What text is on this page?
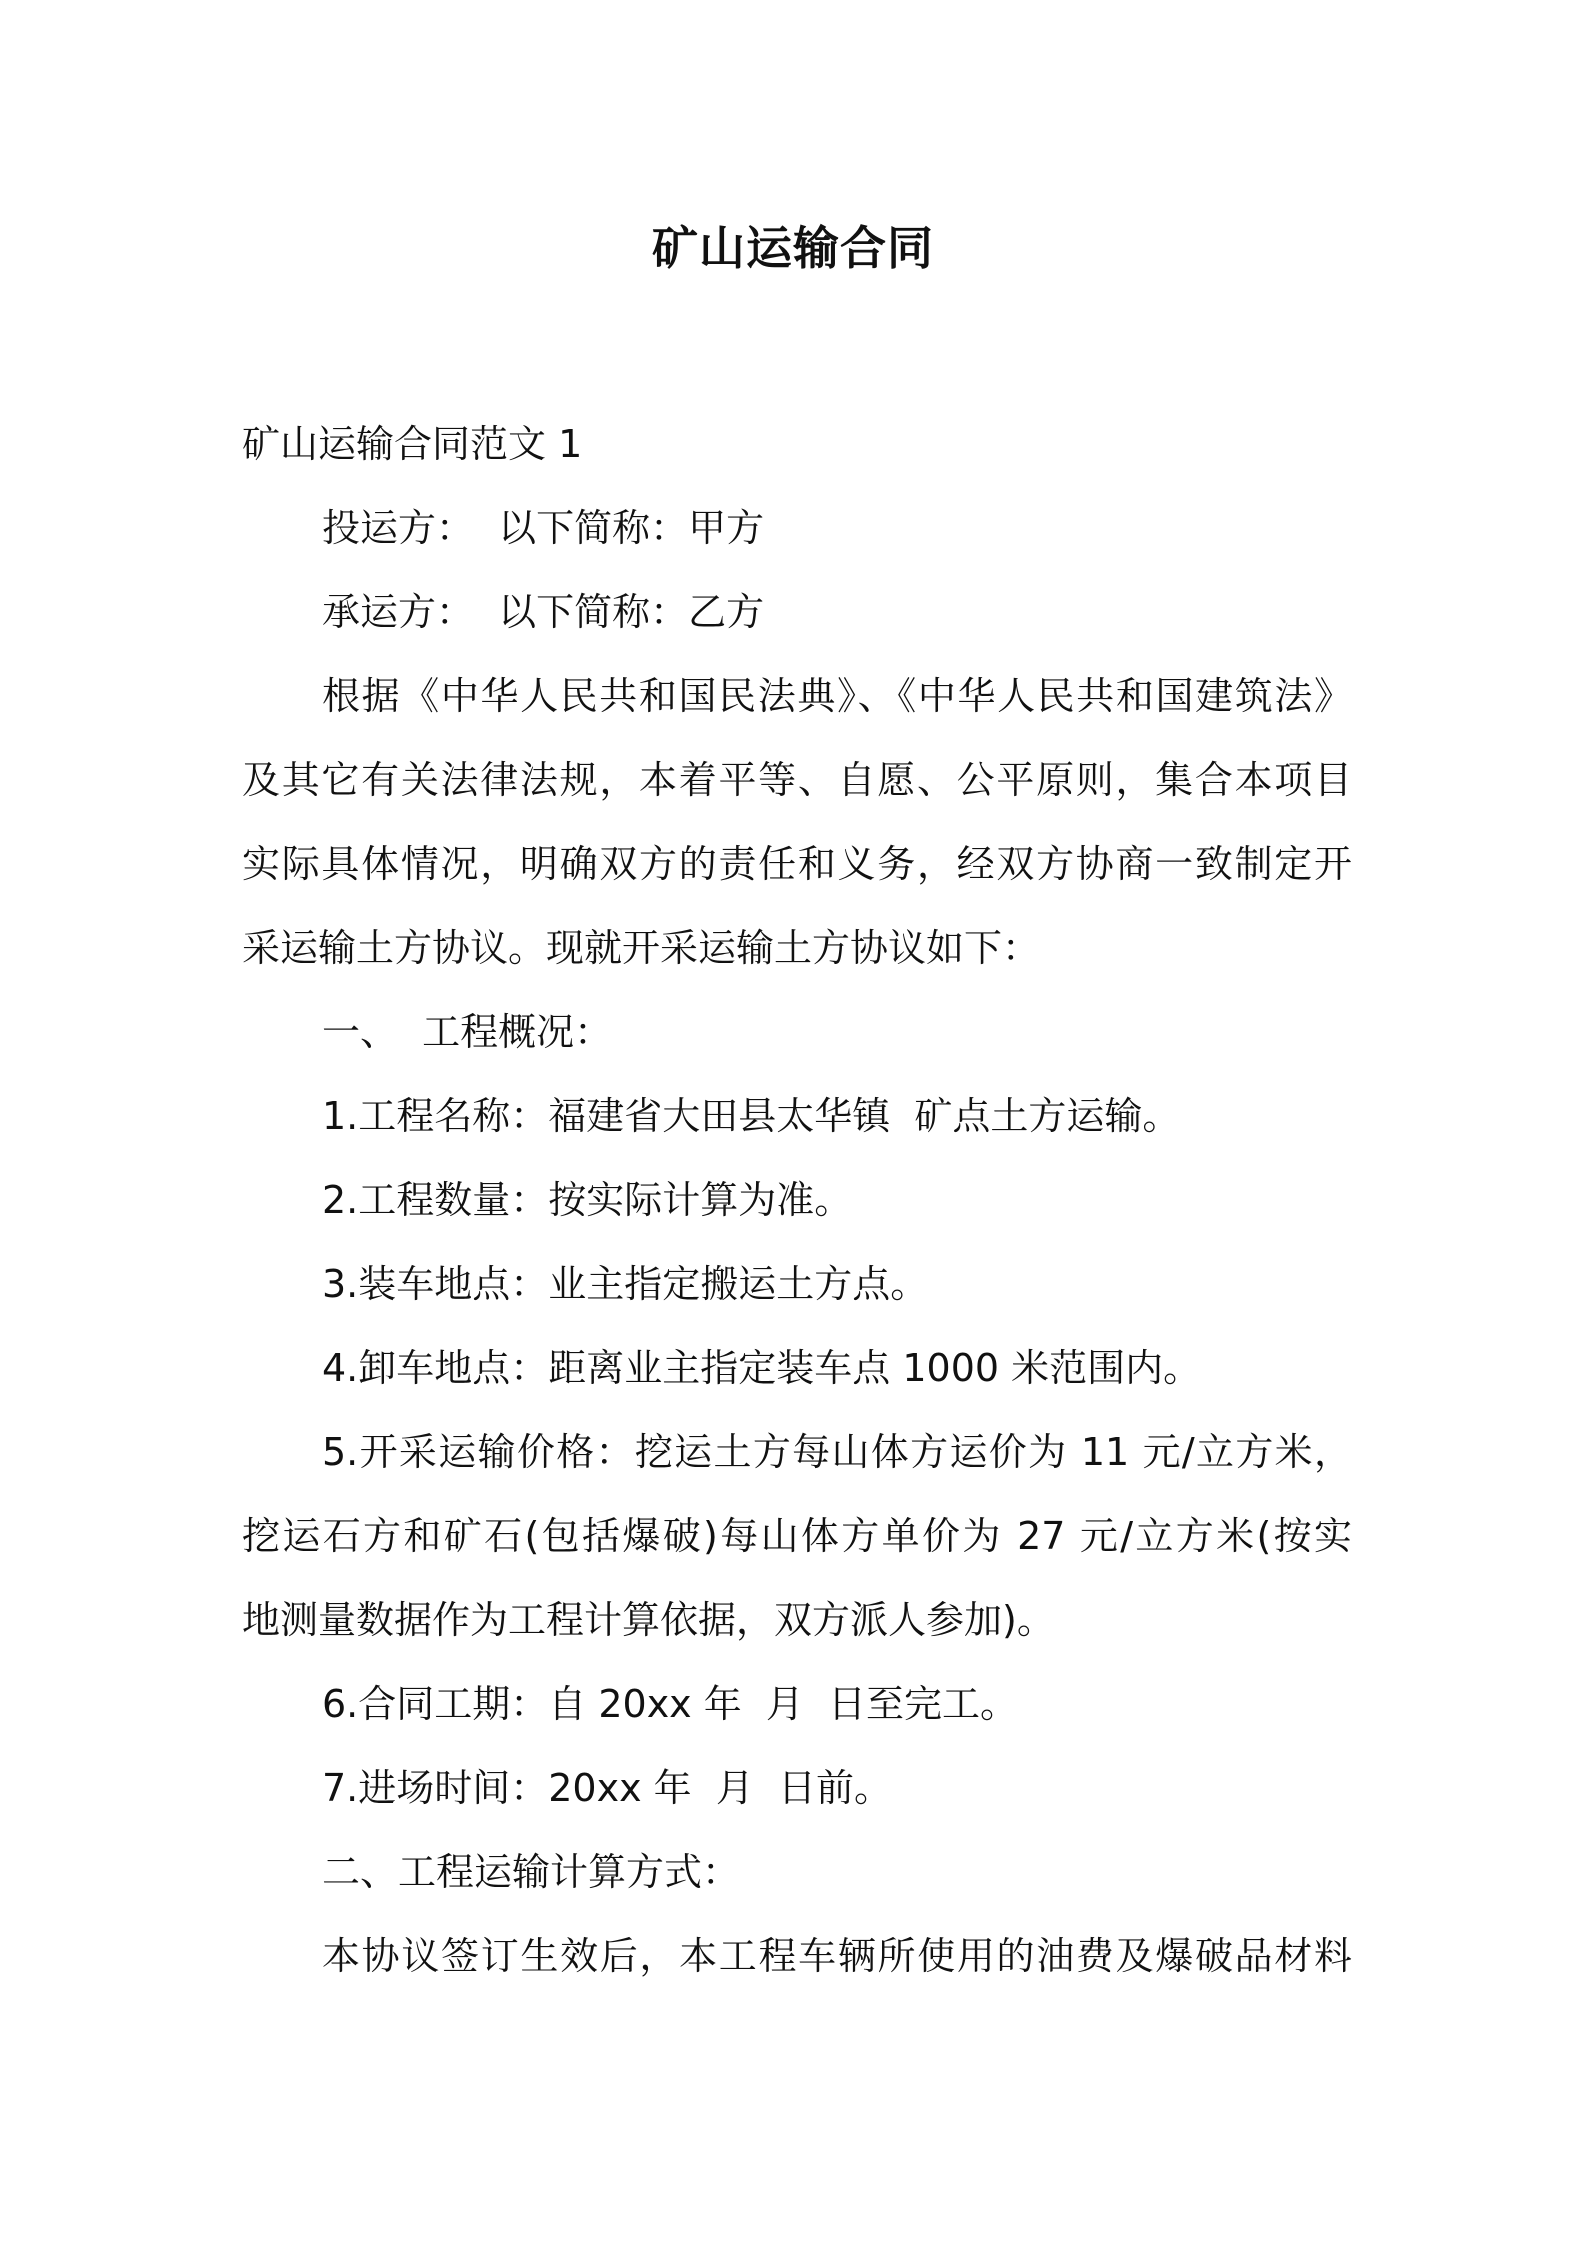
矿山运输合同

矿山运输合同范文 1

投运方：  以下简称：甲方

承运方：  以下简称：乙方

根据《中华人民共和国民法典》、《中华人民共和国建筑法》

及其它有关法律法规，本着平等、自愿、公平原则，集合本项目

实际具体情况，明确双方的责任和义务，经双方协商一致制定开

采运输土方协议。现就开采运输土方协议如下：

一、  工程概况：

1.工程名称：福建省大田县太华镇  矿点土方运输。

2.工程数量：按实际计算为准。

3.装车地点：业主指定搬运土方点。

4.卸车地点：距离业主指定装车点 1000 米范围内。

5.开采运输价格：挖运土方每山体方运价为 11 元/立方米，

挖运石方和矿石(包括爆破)每山体方单价为 27 元/立方米(按实

地测量数据作为工程计算依据，双方派人参加)。

6.合同工期：自 20xx 年  月  日至完工。

7.进场时间：20xx 年  月  日前。

二、工程运输计算方式：

本协议签订生效后，本工程车辆所使用的油费及爆破品材料
